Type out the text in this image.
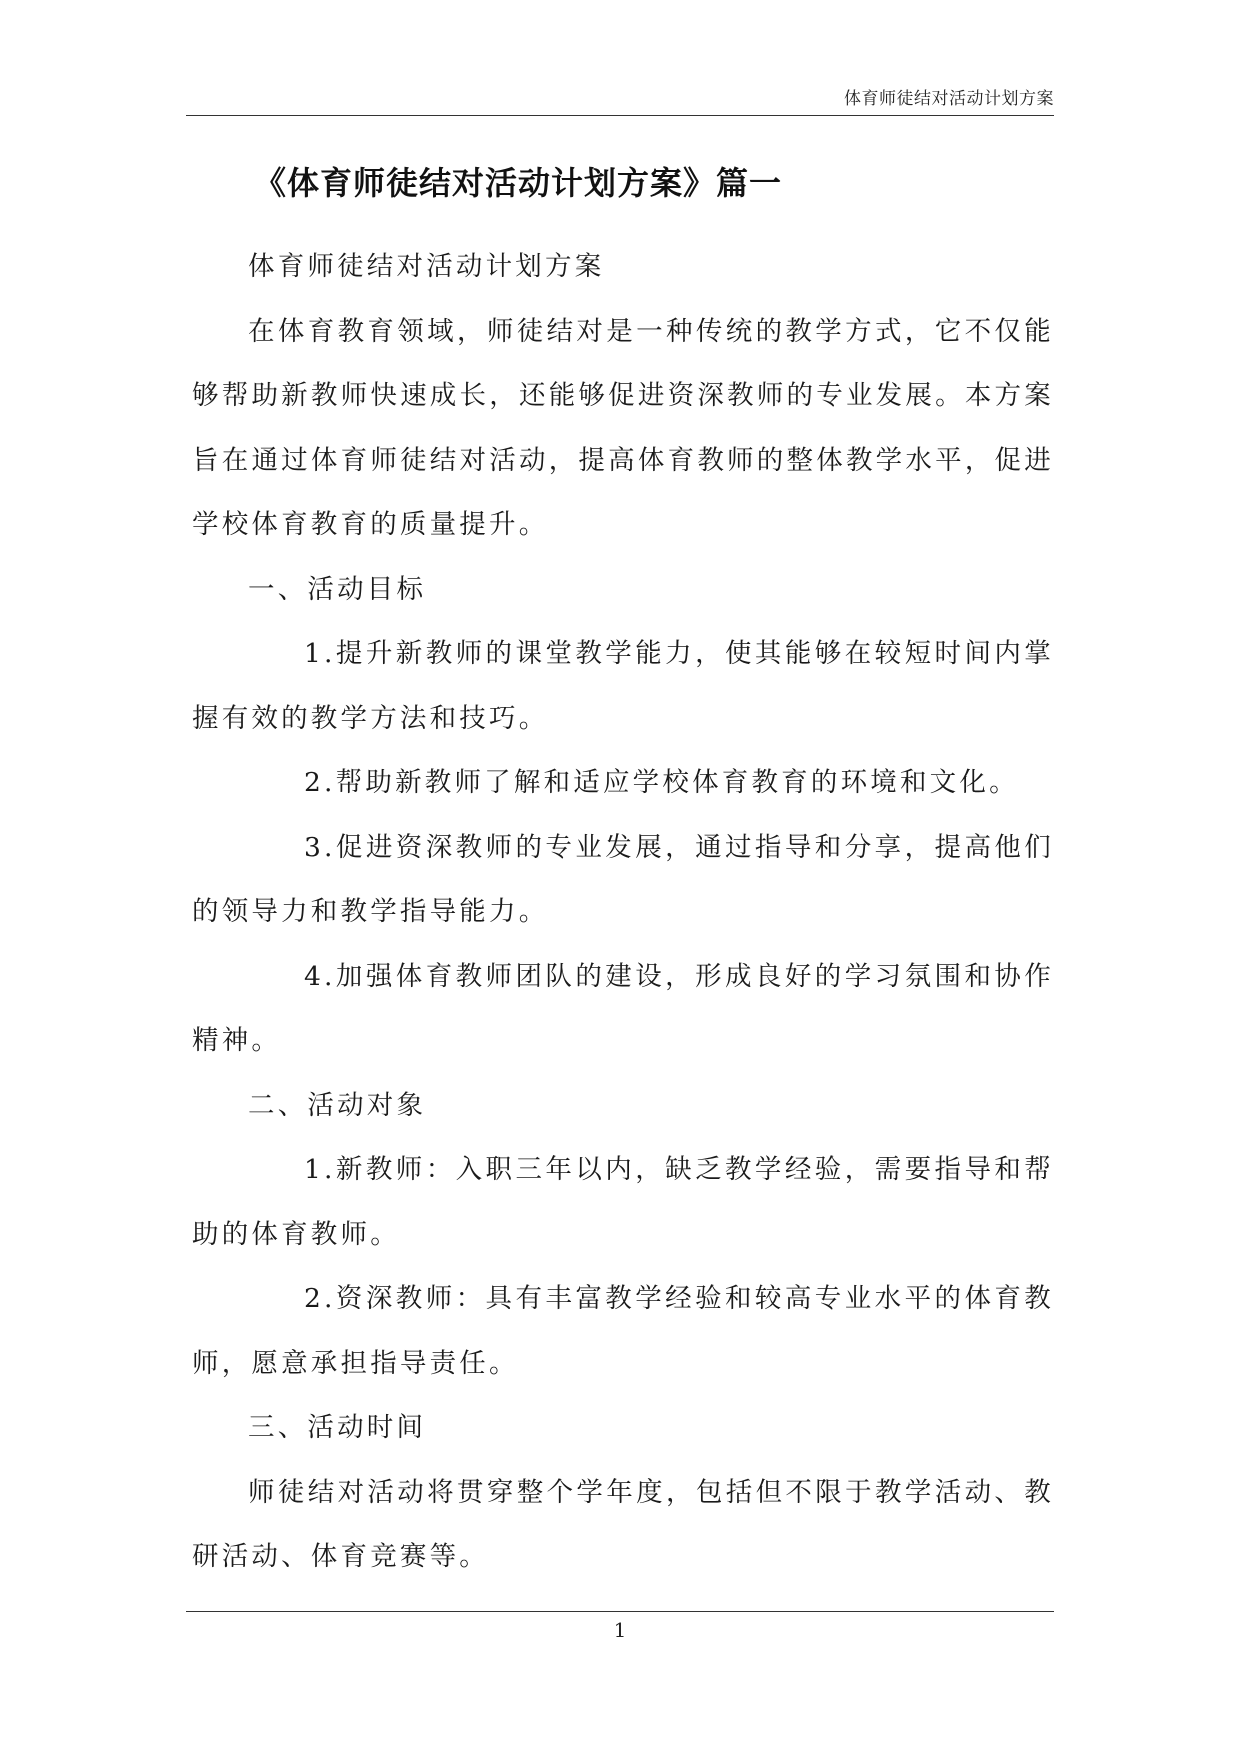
体育师徒结对活动计划方案
《体育师徒结对活动计划方案》篇一

体育师徒结对活动计划方案

在体育教育领域，师徒结对是一种传统的教学方式，它不仅能够帮助新教师快速成长，还能够促进资深教师的专业发展。本方案旨在通过体育师徒结对活动，提高体育教师的整体教学水平，促进学校体育教育的质量提升。

一、活动目标

1.提升新教师的课堂教学能力，使其能够在较短时间内掌握有效的教学方法和技巧。

2.帮助新教师了解和适应学校体育教育的环境和文化。

3.促进资深教师的专业发展，通过指导和分享，提高他们的领导力和教学指导能力。

4.加强体育教师团队的建设，形成良好的学习氛围和协作精神。

二、活动对象

1.新教师：入职三年以内，缺乏教学经验，需要指导和帮助的体育教师。

2.资深教师：具有丰富教学经验和较高专业水平的体育教师，愿意承担指导责任。

三、活动时间

师徒结对活动将贯穿整个学年度，包括但不限于教学活动、教研活动、体育竞赛等。

1
